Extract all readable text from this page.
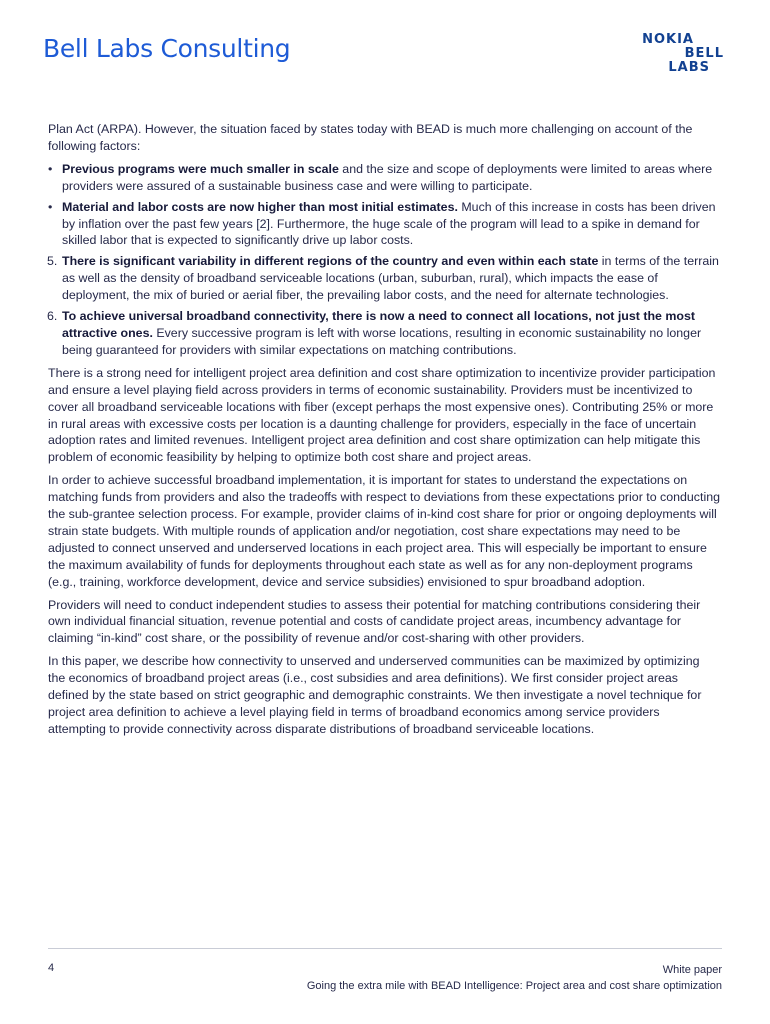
Bell Labs Consulting	NOKIA
BELL
LABS

Plan Act (ARPA). However, the situation faced by states today with BEAD is much more challenging on account of the following factors:

• Previous programs were much smaller in scale and the size and scope of deployments were limited to areas where providers were assured of a sustainable business case and were willing to participate.
• Material and labor costs are now higher than most initial estimates. Much of this increase in costs has been driven by inflation over the past few years [2]. Furthermore, the huge scale of the program will lead to a spike in demand for skilled labor that is expected to significantly drive up labor costs.
5. There is significant variability in different regions of the country and even within each state in terms of the terrain as well as the density of broadband serviceable locations (urban, suburban, rural), which impacts the ease of deployment, the mix of buried or aerial fiber, the prevailing labor costs, and the need for alternate technologies.
6. To achieve universal broadband connectivity, there is now a need to connect all locations, not just the most attractive ones. Every successive program is left with worse locations, resulting in economic sustainability no longer being guaranteed for providers with similar expectations on matching contributions.

There is a strong need for intelligent project area definition and cost share optimization to incentivize provider participation and ensure a level playing field across providers in terms of economic sustainability. Providers must be incentivized to cover all broadband serviceable locations with fiber (except perhaps the most expensive ones). Contributing 25% or more in rural areas with excessive costs per location is a daunting challenge for providers, especially in the face of uncertain adoption rates and limited revenues. Intelligent project area definition and cost share optimization can help mitigate this problem of economic feasibility by helping to optimize both cost share and project areas.

In order to achieve successful broadband implementation, it is important for states to understand the expectations on matching funds from providers and also the tradeoffs with respect to deviations from these expectations prior to conducting the sub-grantee selection process. For example, provider claims of in-kind cost share for prior or ongoing deployments will strain state budgets. With multiple rounds of application and/or negotiation, cost share expectations may need to be adjusted to connect unserved and underserved locations in each project area. This will especially be important to ensure the maximum availability of funds for deployments throughout each state as well as for any non-deployment programs (e.g., training, workforce development, device and service subsidies) envisioned to spur broadband adoption.

Providers will need to conduct independent studies to assess their potential for matching contributions considering their own individual financial situation, revenue potential and costs of candidate project areas, incumbency advantage for claiming “in-kind” cost share, or the possibility of revenue and/or cost-sharing with other providers.

In this paper, we describe how connectivity to unserved and underserved communities can be maximized by optimizing the economics of broadband project areas (i.e., cost subsidies and area definitions). We first consider project areas defined by the state based on strict geographic and demographic constraints. We then investigate a novel technique for project area definition to achieve a level playing field in terms of broadband economics among service providers attempting to provide connectivity across disparate distributions of broadband serviceable locations.

4	White paper
Going the extra mile with BEAD Intelligence: Project area and cost share optimization
